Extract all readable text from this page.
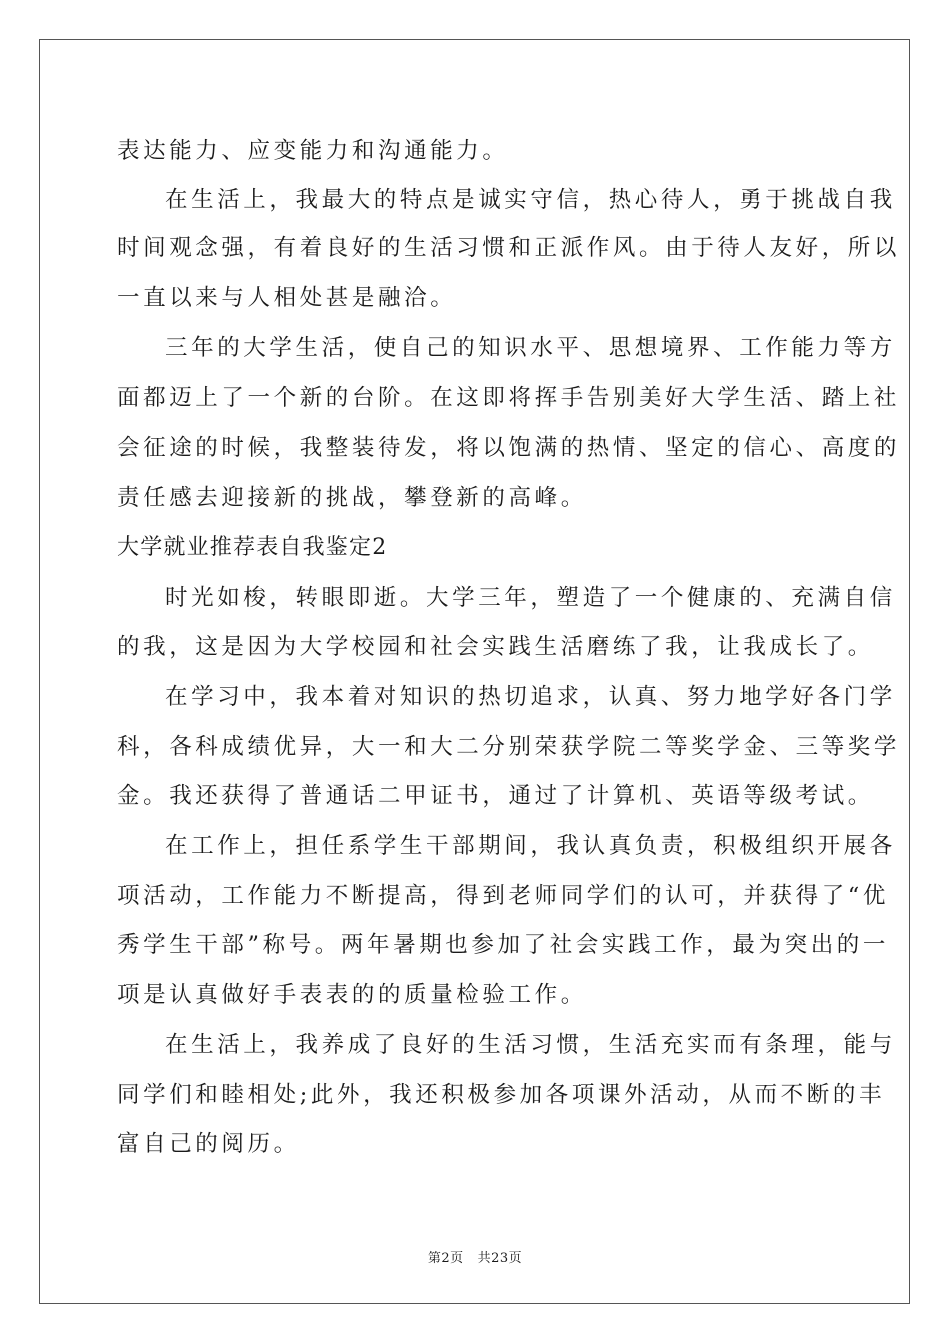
表达能力、应变能力和沟通能力。
在生活上，我最大的特点是诚实守信，热心待人，勇于挑战自我
时间观念强，有着良好的生活习惯和正派作风。由于待人友好，所以
一直以来与人相处甚是融洽。
三年的大学生活，使自己的知识水平、思想境界、工作能力等方
面都迈上了一个新的台阶。在这即将挥手告别美好大学生活、踏上社
会征途的时候，我整装待发，将以饱满的热情、坚定的信心、高度的
责任感去迎接新的挑战，攀登新的高峰。
大学就业推荐表自我鉴定2
时光如梭，转眼即逝。大学三年，塑造了一个健康的、充满自信
的我，这是因为大学校园和社会实践生活磨练了我，让我成长了。
在学习中，我本着对知识的热切追求，认真、努力地学好各门学
科，各科成绩优异，大一和大二分别荣获学院二等奖学金、三等奖学
金。我还获得了普通话二甲证书，通过了计算机、英语等级考试。
在工作上，担任系学生干部期间，我认真负责，积极组织开展各
项活动，工作能力不断提高，得到老师同学们的认可，并获得了“优
秀学生干部”称号。两年暑期也参加了社会实践工作，最为突出的一
项是认真做好手表表的的质量检验工作。
在生活上，我养成了良好的生活习惯，生活充实而有条理，能与
同学们和睦相处;此外，我还积极参加各项课外活动，从而不断的丰
富自己的阅历。
第2页 共23页
